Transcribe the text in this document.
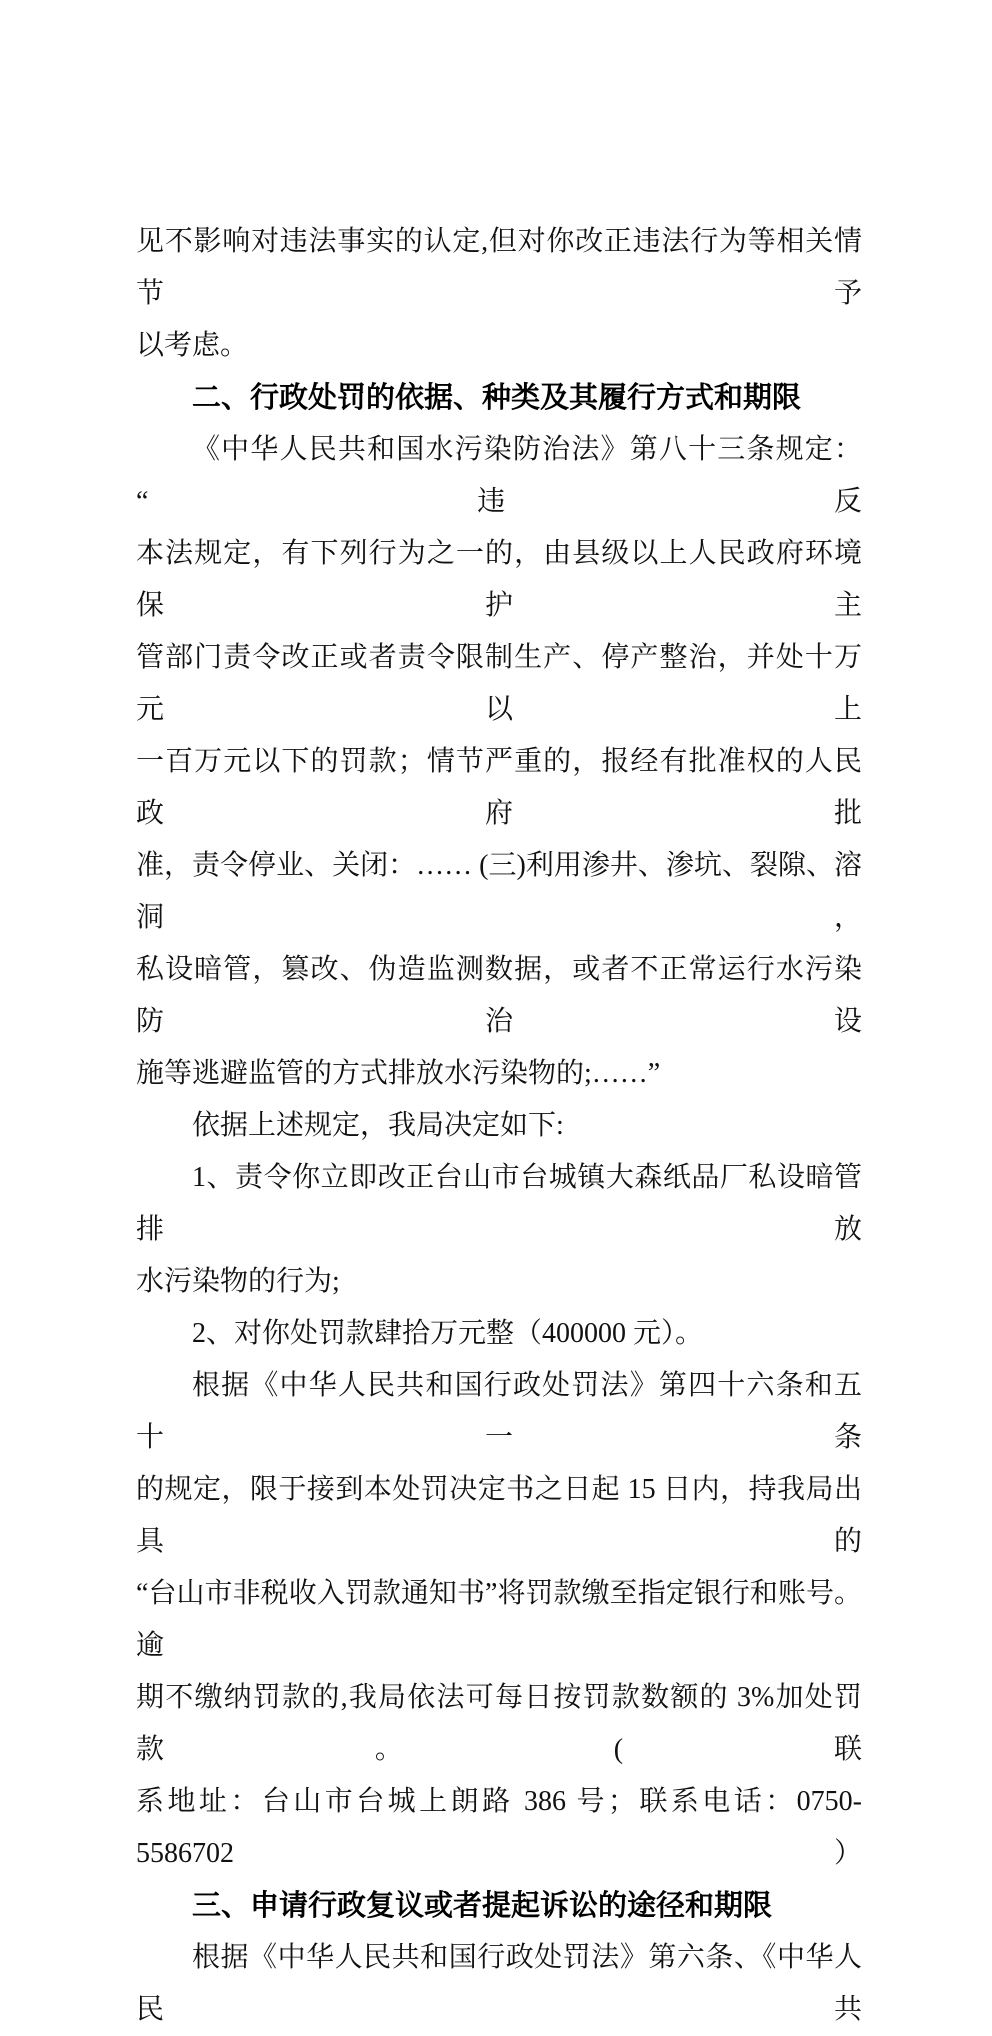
见不影响对违法事实的认定,但对你改正违法行为等相关情节予
以考虑。
二、行政处罚的依据、种类及其履行方式和期限
《中华人民共和国水污染防治法》第八十三条规定：“违反
本法规定，有下列行为之一的，由县级以上人民政府环境保护主
管部门责令改正或者责令限制生产、停产整治，并处十万元以上
一百万元以下的罚款；情节严重的，报经有批准权的人民政府批
准，责令停业、关闭：…… (三)利用渗井、渗坑、裂隙、溶洞，
私设暗管，篡改、伪造监测数据，或者不正常运行水污染防治设
施等逃避监管的方式排放水污染物的;……”
依据上述规定，我局决定如下:
1、责令你立即改正台山市台城镇大森纸品厂私设暗管排放
水污染物的行为;
2、对你处罚款肆拾万元整（400000 元）。
根据《中华人民共和国行政处罚法》第四十六条和五十一条
的规定，限于接到本处罚决定书之日起 15 日内，持我局出具的
“台山市非税收入罚款通知书”将罚款缴至指定银行和账号。逾
期不缴纳罚款的,我局依法可每日按罚款数额的 3%加处罚款。(联
系地址：台山市台城上朗路 386 号；联系电话：0750-5586702）
三、申请行政复议或者提起诉讼的途径和期限
根据《中华人民共和国行政处罚法》第六条、《中华人民共
